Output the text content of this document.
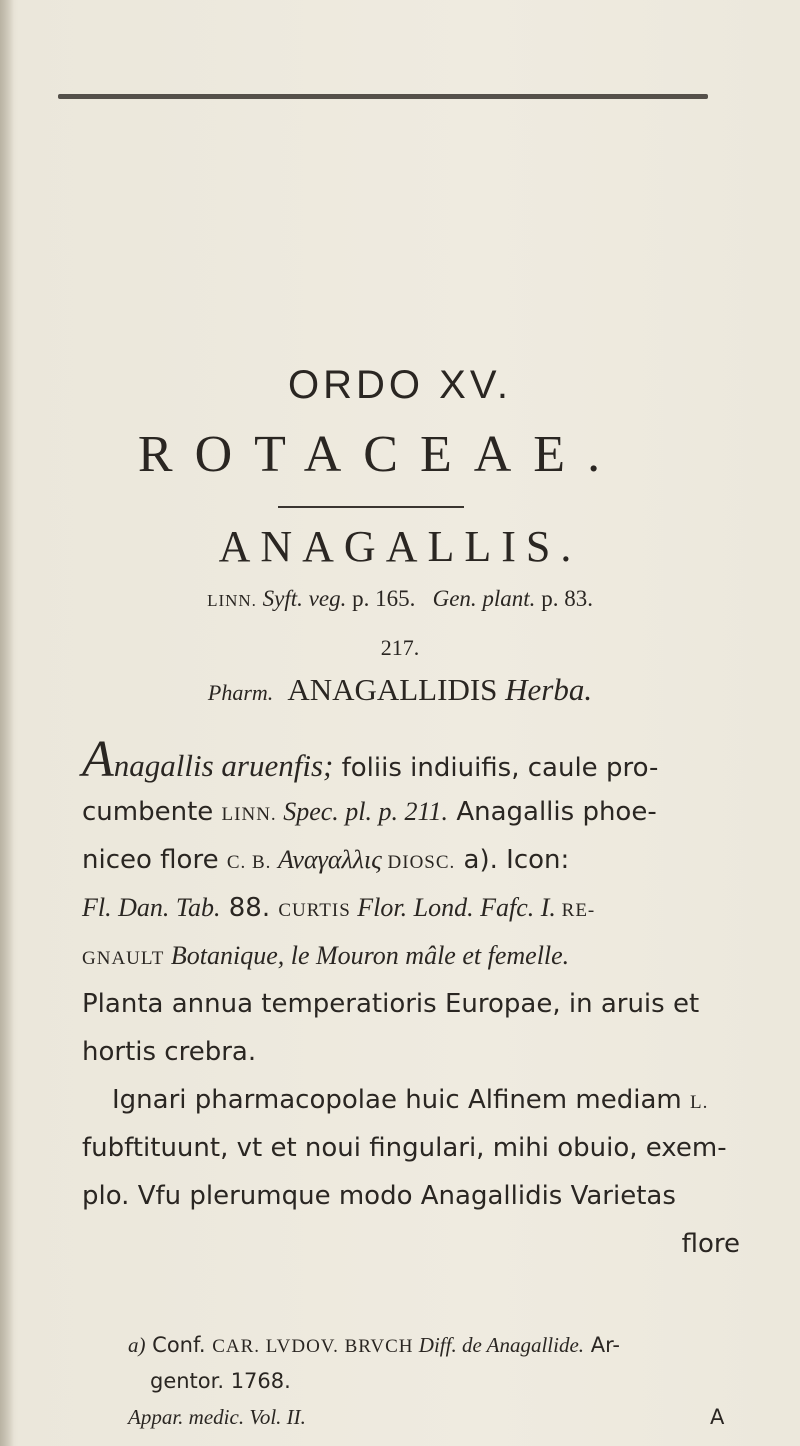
ORDO XV.
ROTACEAE.
ANAGALLIS.
LINN. Syft. veg. p. 165. Gen. plant. p. 83.
217.
Pharm. ANAGALLIDIS Herba.
Anagallis aruenfis; foliis indiuifis, caule pro-
cumbente LINN. Spec. pl. p. 211. Anagallis phoe-
niceo flore C. B. Αναγαλλις DIOSC. a). Icon:
Fl. Dan. Tab. 88. CURTIS Flor. Lond. Fafc. I. RE-
GNAULT Botanique, le Mouron mâle et femelle.
Planta annua temperatioris Europae, in aruis et
hortis crebra.
Ignari pharmacopolae huic Alfinem mediam L.
fubftituunt, vt et noui fingulari, mihi obuio, exem-
plo. Vfu plerumque modo Anagallidis Varietas
flore
a) Conf. CAR. LVDOV. BRVCH Diff. de Anagallide. Ar-
gentor. 1768.
Appar. medic. Vol. II.	A
